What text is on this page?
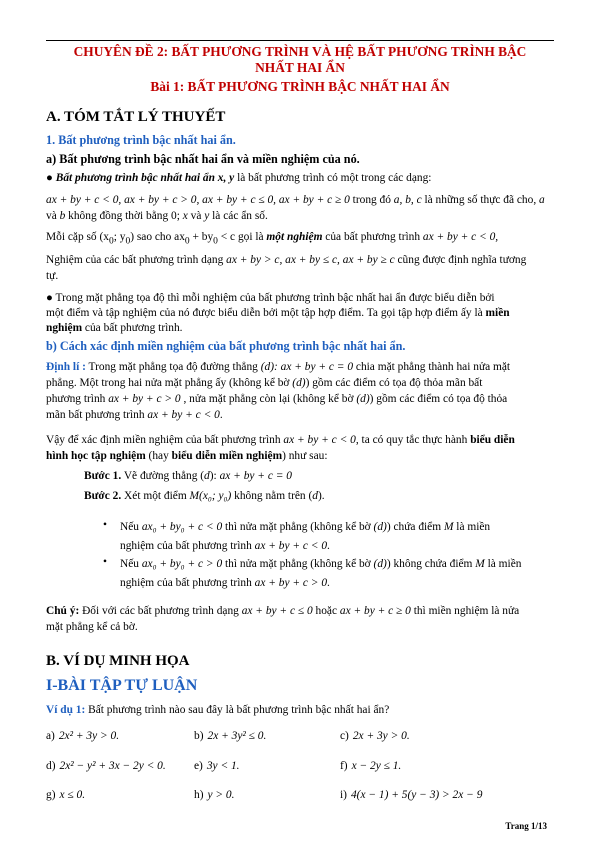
CHUYÊN ĐỀ 2: BẤT PHƯƠNG TRÌNH VÀ HỆ BẤT PHƯƠNG TRÌNH BẬC
NHẤT HAI ẨN
Bài 1: BẤT PHƯƠNG TRÌNH BẬC NHẤT HAI ẨN
A. TÓM TẮT LÝ THUYẾT
1. Bất phương trình bậc nhất hai ẩn.
a) Bất phương trình bậc nhất hai ẩn và miền nghiệm của nó.
● Bất phương trình bậc nhất hai ẩn x, y là bất phương trình có một trong các dạng:
ax + by + c < 0, ax + by + c > 0, ax + by + c ≤ 0, ax + by + c ≥ 0 trong đó a, b, c là những số thực đã cho, a
và b không đồng thời bằng 0; x và y là các ẩn số.
Mỗi cặp số ($x_0$; $y_0$) sao cho $ax_0 + by_0 < c$ gọi là một nghiệm của bất phương trình ax + by + c < 0,
Nghiệm của các bất phương trình dạng ax + by > c, ax + by ≤ c, ax + by ≥ c cũng được định nghĩa tương
tự.
● Trong mặt phẳng tọa độ thì mỗi nghiệm của bất phương trình bậc nhất hai ẩn được biểu diễn bởi
một điểm và tập nghiệm của nó được biểu diễn bởi một tập hợp điểm. Ta gọi tập hợp điểm ấy là miền
nghiệm của bất phương trình.
b) Cách xác định miền nghiệm của bất phương trình bậc nhất hai ẩn.
Định lí : Trong mặt phẳng tọa độ đường thẳng (d): ax + by + c = 0 chia mặt phẳng thành hai nửa mặt
phẳng. Một trong hai nửa mặt phẳng ấy (không kể bờ (d)) gồm các điểm có tọa độ thỏa mãn bất
phương trình ax + by + c > 0 , nửa mặt phẳng còn lại (không kể bờ (d)) gồm các điểm có tọa độ thỏa
mãn bất phương trình ax + by + c < 0.
Vậy để xác định miền nghiệm của bất phương trình ax + by + c < 0, ta có quy tắc thực hành biểu diễn
hình học tập nghiệm (hay biểu diễn miền nghiệm) như sau:
Bước 1. Vẽ đường thẳng (d): ax + by + c = 0
Bước 2. Xét một điểm M(x₀; y₀) không nằm trên (d).
• Nếu ax₀ + by₀ + c < 0 thì nửa mặt phẳng (không kể bờ (d)) chứa điểm M là miền
nghiệm của bất phương trình ax + by + c < 0.
• Nếu ax₀ + by₀ + c > 0 thì nửa mặt phẳng (không kể bờ (d)) không chứa điểm M là miền
nghiệm của bất phương trình ax + by + c > 0.
Chú ý: Đối với các bất phương trình dạng ax + by + c ≤ 0 hoặc ax + by + c ≥ 0 thì miền nghiệm là nửa
mặt phẳng kể cả bờ.
B. VÍ DỤ MINH HỌA
I-BÀI TẬP TỰ LUẬN
Ví dụ 1: Bất phương trình nào sau đây là bất phương trình bậc nhất hai ẩn?
a) 2x² + 3y > 0.	b) 2x + 3y² ≤ 0.	c) 2x + 3y > 0.
d) 2x² − y² + 3x − 2y < 0. e) 3y < 1.	f) x − 2y ≤ 1.
g) x ≤ 0.	h) y > 0.	i) 4(x − 1) + 5(y − 3) > 2x − 9
Trang 1/13
